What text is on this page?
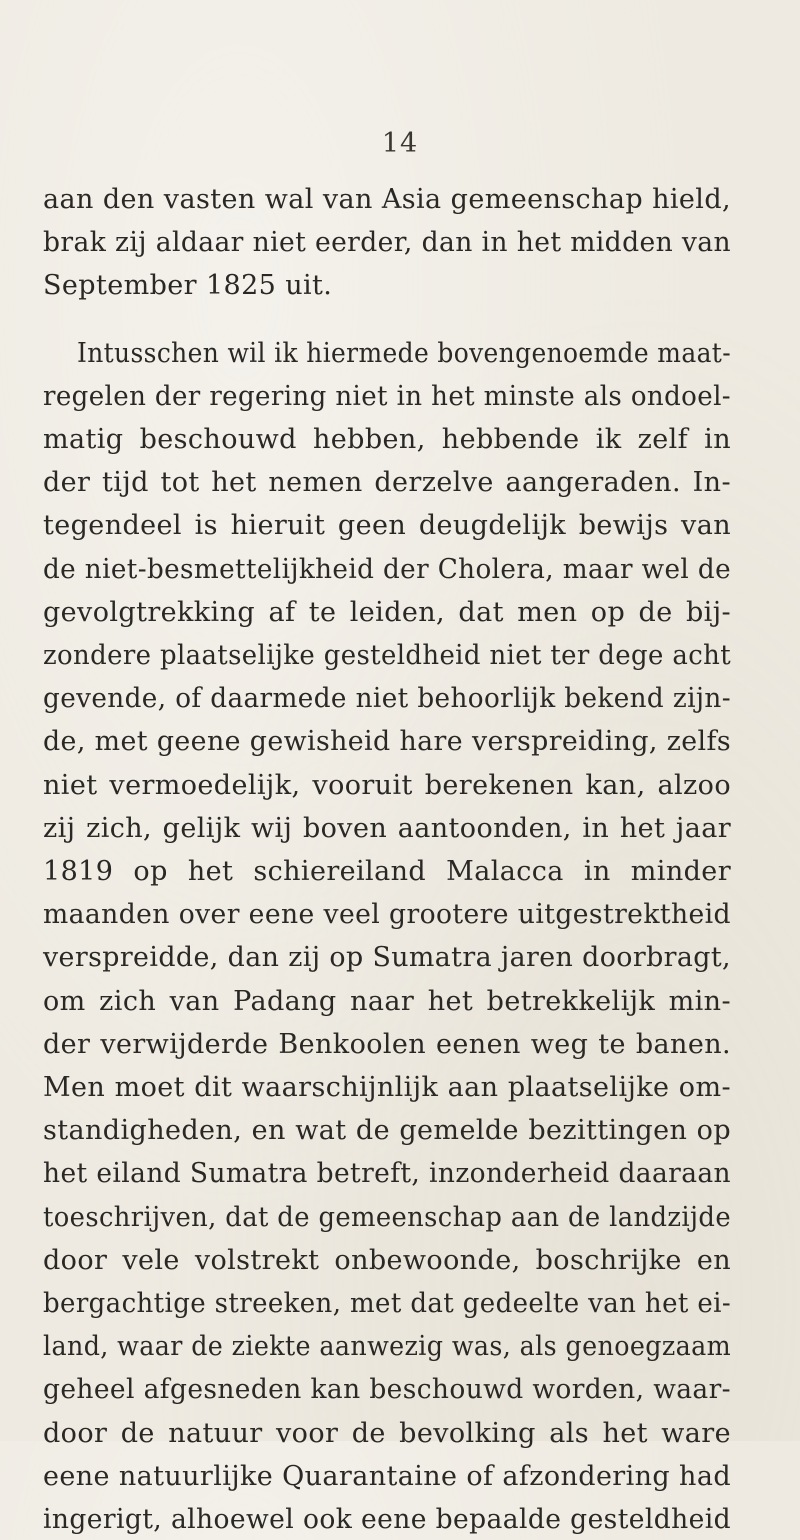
14
aan den vasten wal van Asia gemeenschap hield,
brak zij aldaar niet eerder, dan in het midden van
September 1825 uit.
Intusschen wil ik hiermede bovengenoemde maat-
regelen der regering niet in het minste als ondoel-
matig beschouwd hebben, hebbende ik zelf in
der tijd tot het nemen derzelve aangeraden. In-
tegendeel is hieruit geen deugdelijk bewijs van
de niet-besmettelijkheid der Cholera, maar wel de
gevolgtrekking af te leiden, dat men op de bij-
zondere plaatselijke gesteldheid niet ter dege acht
gevende, of daarmede niet behoorlijk bekend zijn-
de, met geene gewisheid hare verspreiding, zelfs
niet vermoedelijk, vooruit berekenen kan, alzoo
zij zich, gelijk wij boven aantoonden, in het jaar
1819 op het schiereiland Malacca in minder
maanden over eene veel grootere uitgestrektheid
verspreidde, dan zij op Sumatra jaren doorbragt,
om zich van Padang naar het betrekkelijk min-
der verwijderde Benkoolen eenen weg te banen.
Men moet dit waarschijnlijk aan plaatselijke om-
standigheden, en wat de gemelde bezittingen op
het eiland Sumatra betreft, inzonderheid daaraan
toeschrijven, dat de gemeenschap aan de landzijde
door vele volstrekt onbewoonde, boschrijke en
bergachtige streeken, met dat gedeelte van het ei-
land, waar de ziekte aanwezig was, als genoegzaam
geheel afgesneden kan beschouwd worden, waar-
door de natuur voor de bevolking als het ware
eene natuurlijke Quarantaine of afzondering had
ingerigt, alhoewel ook eene bepaalde gesteldheid
